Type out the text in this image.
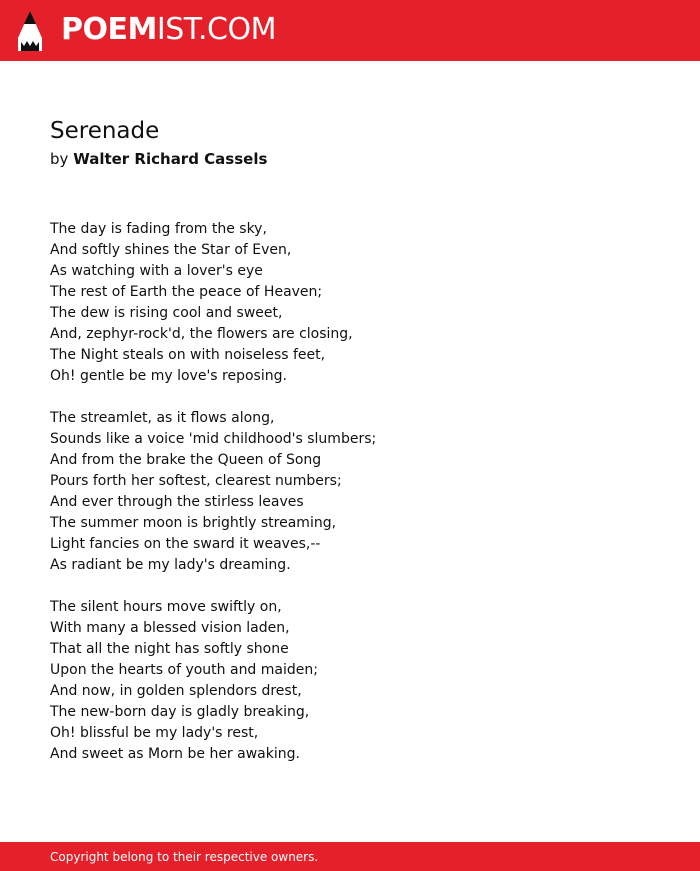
POEMIST.COM
Serenade
by Walter Richard Cassels
The day is fading from the sky,
And softly shines the Star of Even,
As watching with a lover's eye
The rest of Earth the peace of Heaven;
The dew is rising cool and sweet,
And, zephyr-rock'd, the flowers are closing,
The Night steals on with noiseless feet,
Oh! gentle be my love's reposing.
The streamlet, as it flows along,
Sounds like a voice 'mid childhood's slumbers;
And from the brake the Queen of Song
Pours forth her softest, clearest numbers;
And ever through the stirless leaves
The summer moon is brightly streaming,
Light fancies on the sward it weaves,--
As radiant be my lady's dreaming.
The silent hours move swiftly on,
With many a blessed vision laden,
That all the night has softly shone
Upon the hearts of youth and maiden;
And now, in golden splendors drest,
The new-born day is gladly breaking,
Oh! blissful be my lady's rest,
And sweet as Morn be her awaking.
Copyright belong to their respective owners.
